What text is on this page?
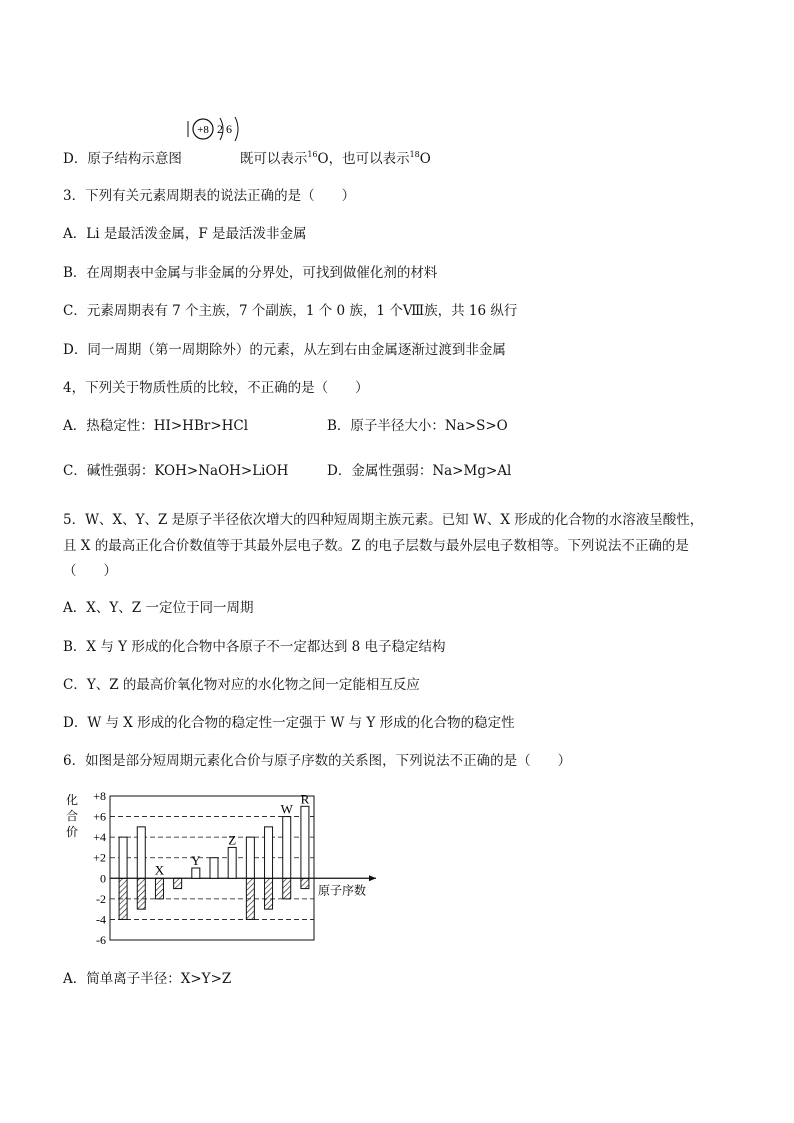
+8 2 6
D．原子结构示意图	既可以表示$^{16}$O，也可以表示$^{18}$O
3．下列有关元素周期表的说法正确的是（　　）
A．Li 是最活泼金属，F 是最活泼非金属
B．在周期表中金属与非金属的分界处，可找到做催化剂的材料
C．元素周期表有 7 个主族，7 个副族，1 个 0 族，1 个Ⅷ族，共 16 纵行
D．同一周期（第一周期除外）的元素，从左到右由金属逐渐过渡到非金属
4，下列关于物质性质的比较，不正确的是（　　）
A．热稳定性：HI>HBr>HCl	B．原子半径大小：Na>S>O
C．碱性强弱：KOH>NaOH>LiOH	D．金属性强弱：Na>Mg>Al
5．W、X、Y、Z 是原子半径依次增大的四种短周期主族元素。已知 W、X 形成的化合物的水溶液呈酸性，
且 X 的最高正化合价数值等于其最外层电子数。Z 的电子层数与最外层电子数相等。下列说法不正确的是
（　　）
A．X、Y、Z 一定位于同一周期
B．X 与 Y 形成的化合物中各原子不一定都达到 8 电子稳定结构
C．Y、Z 的最高价氧化物对应的水化物之间一定能相互反应
D．W 与 X 形成的化合物的稳定性一定强于 W 与 Y 形成的化合物的稳定性
6．如图是部分短周期元素化合价与原子序数的关系图，下列说法不正确的是（　　）
化
合
价
+8
+6
+4
+2
0
-2
-4
-6
原子序数
X
Y
Z
W
R
A．简单离子半径：X>Y>Z
